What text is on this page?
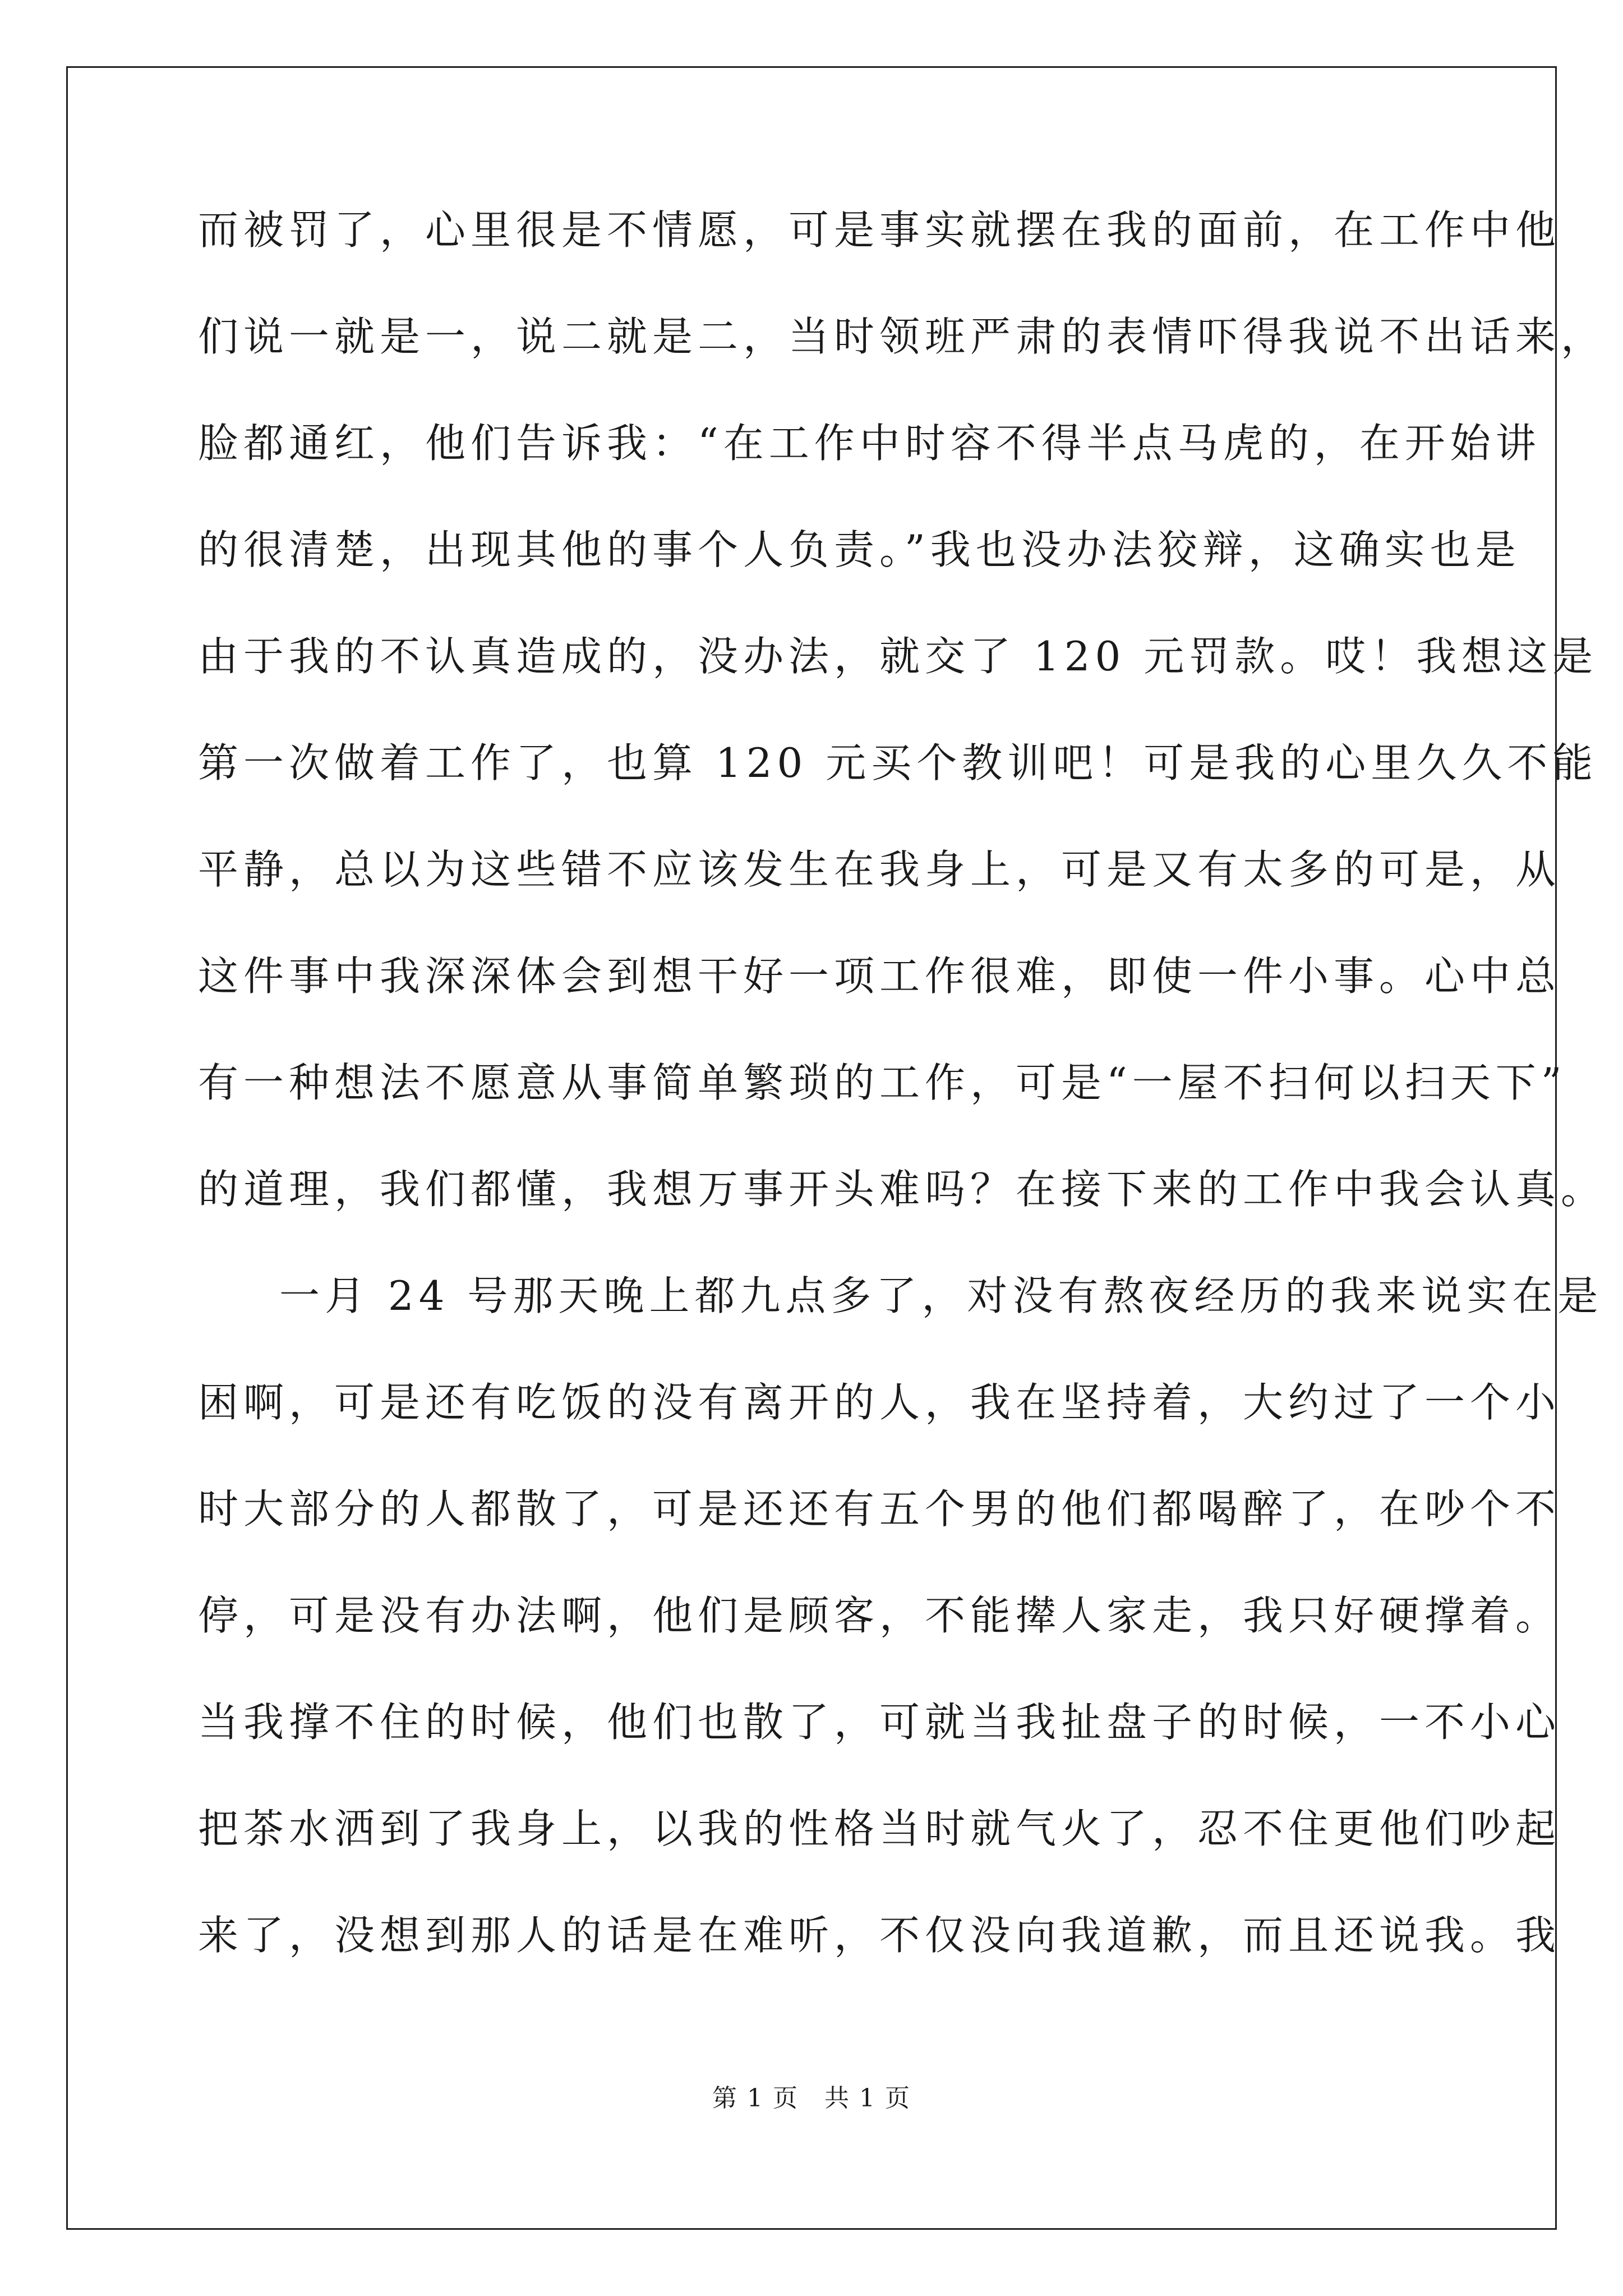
而被罚了，心里很是不情愿，可是事实就摆在我的面前，在工作中他
们说一就是一，说二就是二，当时领班严肃的表情吓得我说不出话来，
脸都通红，他们告诉我：“在工作中时容不得半点马虎的，在开始讲
的很清楚，出现其他的事个人负责。”我也没办法狡辩，这确实也是
由于我的不认真造成的，没办法，就交了 120 元罚款。哎！我想这是
第一次做着工作了，也算 120 元买个教训吧！可是我的心里久久不能
平静，总以为这些错不应该发生在我身上，可是又有太多的可是，从
这件事中我深深体会到想干好一项工作很难，即使一件小事。心中总
有一种想法不愿意从事简单繁琐的工作，可是“一屋不扫何以扫天下”
的道理，我们都懂，我想万事开头难吗？在接下来的工作中我会认真。
一月 24 号那天晚上都九点多了，对没有熬夜经历的我来说实在是
困啊，可是还有吃饭的没有离开的人，我在坚持着，大约过了一个小
时大部分的人都散了，可是还还有五个男的他们都喝醉了，在吵个不
停，可是没有办法啊，他们是顾客，不能撵人家走，我只好硬撑着。
当我撑不住的时候，他们也散了，可就当我扯盘子的时候，一不小心
把茶水洒到了我身上，以我的性格当时就气火了，忍不住更他们吵起
来了，没想到那人的话是在难听，不仅没向我道歉，而且还说我。我
第 1 页　共 1 页
